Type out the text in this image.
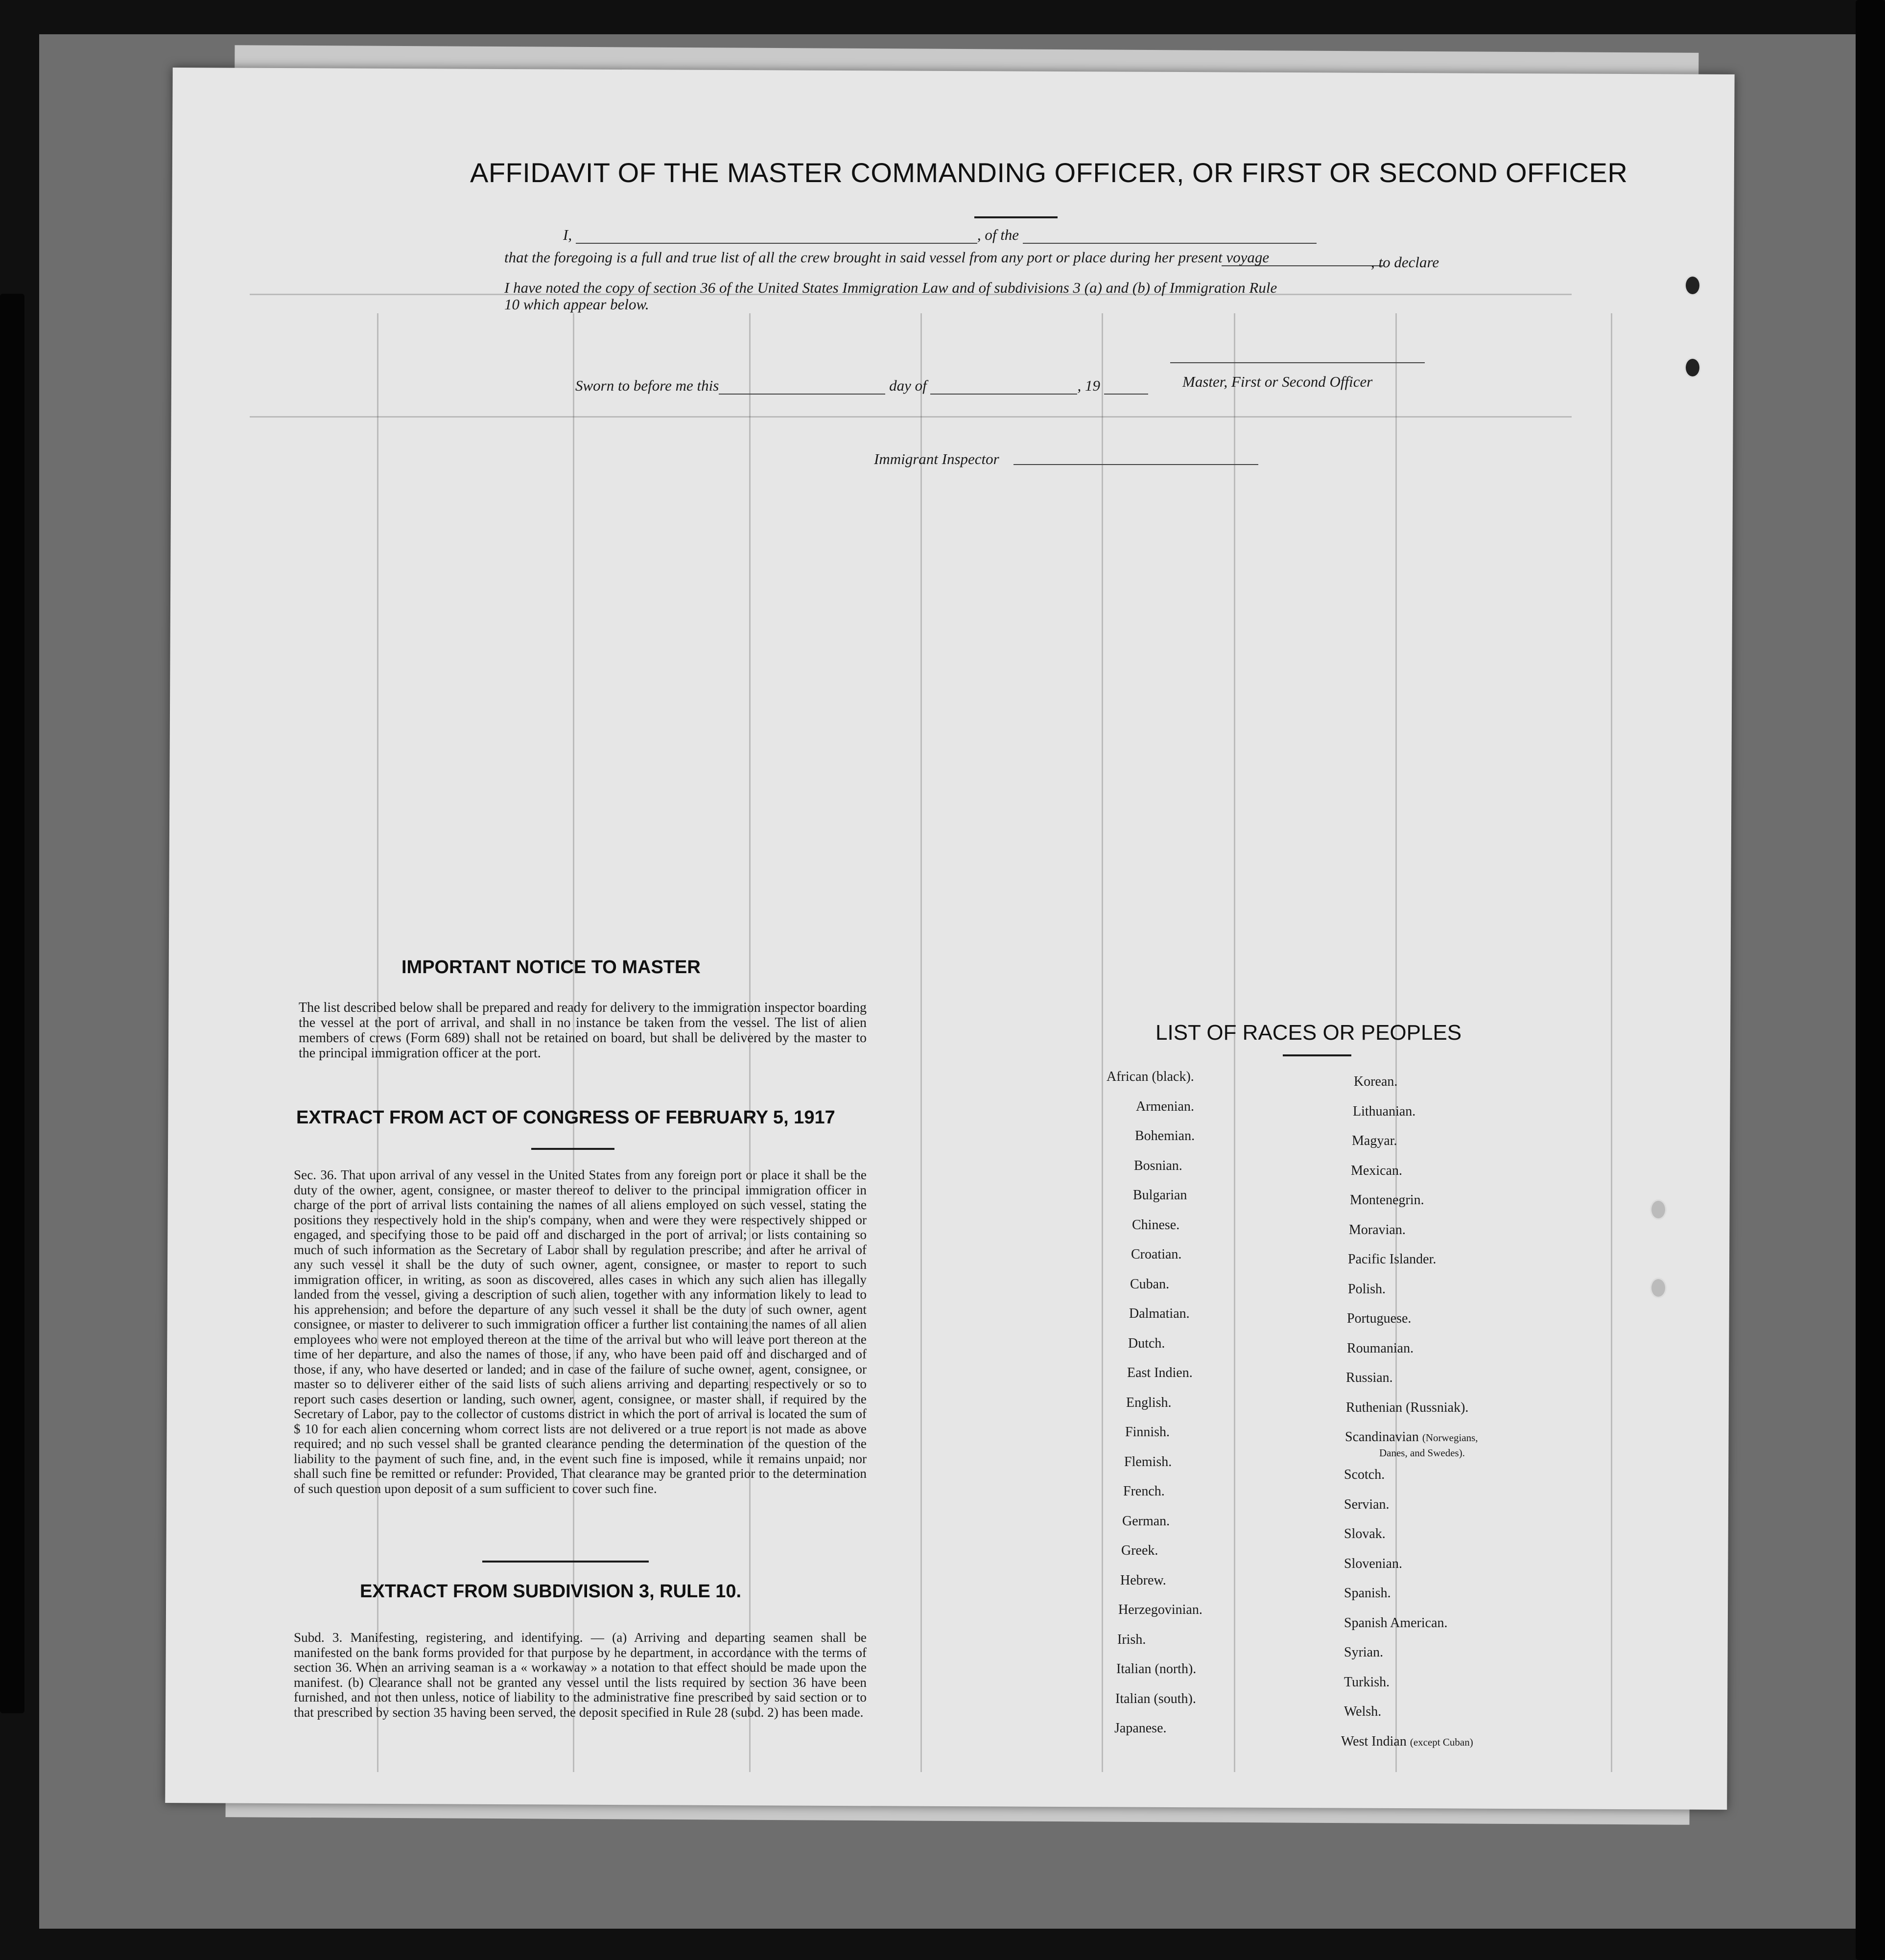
AFFIDAVIT OF THE MASTER COMMANDING OFFICER, OR FIRST OR SECOND OFFICER
I,	, of the
that the foregoing is a full and true list of all the crew brought in said vessel from any port or place during her present voyage	, to declare
I have noted the copy of section 36 of the United States Immigration Law and of subdivisions 3 (a) and (b) of Immigration Rule
10 which appear below.
Sworn to before me this	day of	, 19	Master, First or Second Officer
Immigrant Inspector
IMPORTANT NOTICE TO MASTER
The list described below shall be prepared and ready for delivery to the immigration inspector boarding the vessel at the port of arrival, and shall in no instance be taken from the vessel. The list of alien members of crews (Form 689) shall not be retained on board, but shall be delivered by the master to the principal immigration officer at the port.
EXTRACT FROM ACT OF CONGRESS OF FEBRUARY 5, 1917
Sec. 36. That upon arrival of any vessel in the United States from any foreign port or place it shall be the duty of the owner, agent, consignee, or master thereof to deliver to the principal immigration officer in charge of the port of arrival lists containing the names of all aliens employed on such vessel, stating the positions they respectively hold in the ship's company, when and were they were respectively shipped or engaged, and specifying those to be paid off and discharged in the port of arrival; or lists containing so much of such information as the Secretary of Labor shall by regulation prescribe; and after he arrival of any such vessel it shall be the duty of such owner, agent, consignee, or master to report to such immigration officer, in writing, as soon as discovered, alles cases in which any such alien has illegally landed from the vessel, giving a description of such alien, together with any information likely to lead to his apprehension; and before the departure of any such vessel it shall be the duty of such owner, agent consignee, or master to deliverer to such immigration officer a further list containing the names of all alien employees who were not employed thereon at the time of the arrival but who will leave port thereon at the time of her departure, and also the names of those, if any, who have been paid off and discharged and of those, if any, who have deserted or landed; and in case of the failure of suche owner, agent, consignee, or master so to deliverer either of the said lists of such aliens arriving and departing respectively or so to report such cases desertion or landing, such owner, agent, consignee, or master shall, if required by the Secretary of Labor, pay to the collector of customs district in which the port of arrival is located the sum of $ 10 for each alien concerning whom correct lists are not delivered or a true report is not made as above required; and no such vessel shall be granted clearance pending the determination of the question of the liability to the payment of such fine, and, in the event such fine is imposed, while it remains unpaid; nor shall such fine be remitted or refunder: Provided, That clearance may be granted prior to the determination of such question upon deposit of a sum sufficient to cover such fine.
EXTRACT FROM SUBDIVISION 3, RULE 10.
Subd. 3. Manifesting, registering, and identifying. — (a) Arriving and departing seamen shall be manifested on the bank forms provided for that purpose by he department, in accordance with the terms of section 36. When an arriving seaman is a « workaway » a notation to that effect should be made upon the manifest. (b) Clearance shall not be granted any vessel until the lists required by section 36 have been furnished, and not then unless, notice of liability to the administrative fine prescribed by said section or to that prescribed by section 35 having been served, the deposit specified in Rule 28 (subd. 2) has been made.
LIST OF RACES OR PEOPLES
African (black).
Armenian.
Bohemian.
Bosnian.
Bulgarian
Chinese.
Croatian.
Cuban.
Dalmatian.
Dutch.
East Indien.
English.
Finnish.
Flemish.
French.
German.
Greek.
Hebrew.
Herzegovinian.
Irish.
Italian (north).
Italian (south).
Japanese.
Korean.
Lithuanian.
Magyar.
Mexican.
Montenegrin.
Moravian.
Pacific Islander.
Polish.
Portuguese.
Roumanian.
Russian.
Ruthenian (Russniak).
Scandinavian (Norwegians,
Danes, and Swedes).
Scotch.
Servian.
Slovak.
Slovenian.
Spanish.
Spanish American.
Syrian.
Turkish.
Welsh.
West Indian (except Cuban)
